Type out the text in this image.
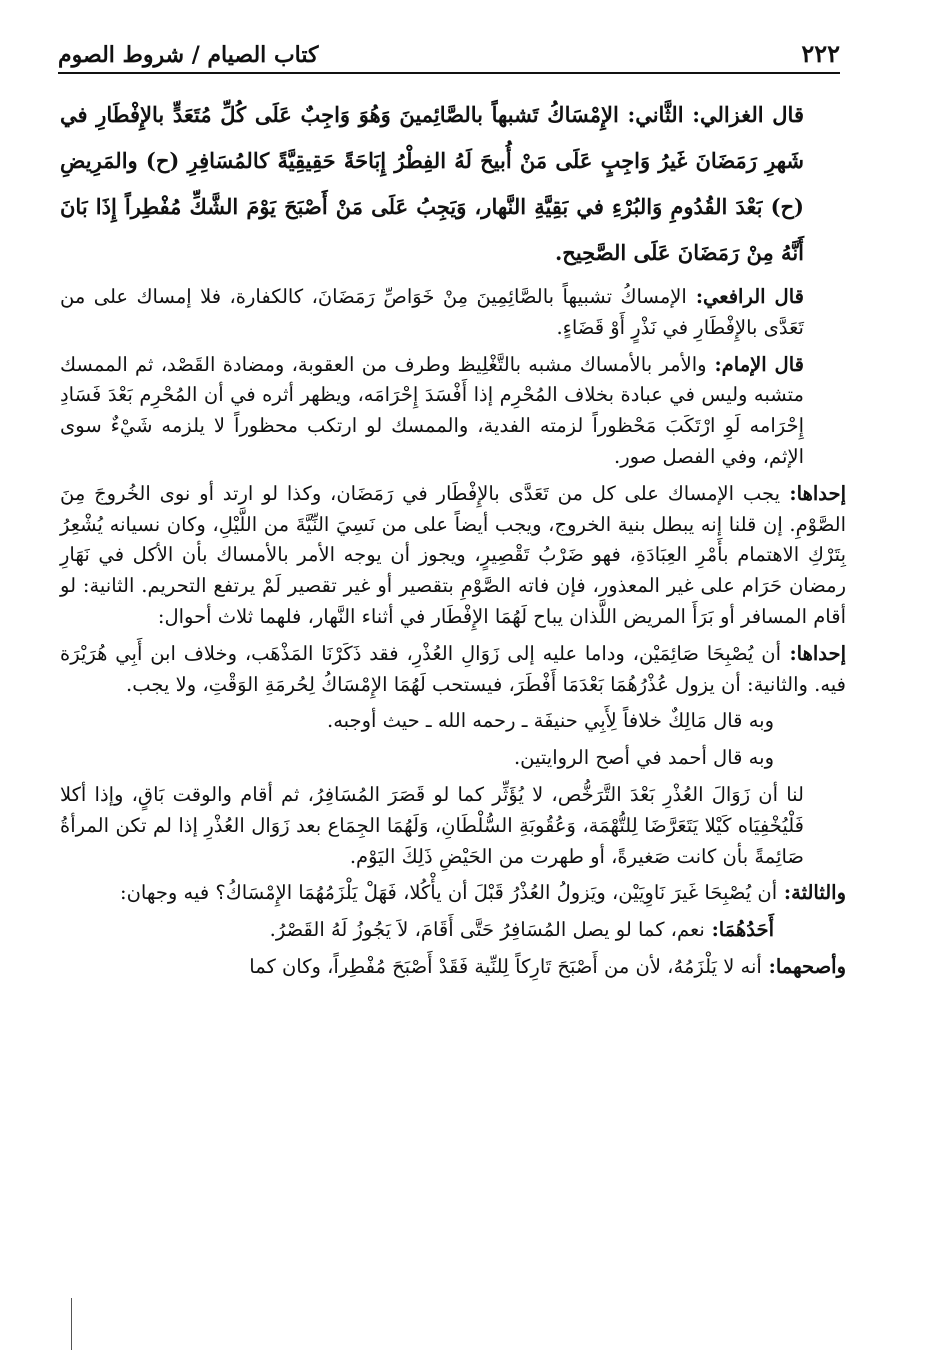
٢٢٢
كتاب الصيام / شروط الصوم

قال الغزالي: الثَّاني: الإِمْسَاكُ تَشبهاً بالصَّائِمينَ وَهُوَ وَاجِبٌ عَلَى كُلِّ مُتَعَدٍّ بالإِفْطَارِ في شَهرِ رَمَضَانَ غَيرُ وَاجِبٍ عَلَى مَنْ أُبيحَ لَهُ الفِطْرُ إِبَاحَةً حَقِيقِيَّةً كالمُسَافِرِ (ح) والمَرِيضِ (ح) بَعْدَ القُدُومِ وَالبُرْءِ في بَقِيَّةِ النَّهار، وَيَجِبُ عَلَى مَنْ أَصْبَحَ يَوْمَ الشَّكِّ مُفْطِراً إِذَا بَانَ أَنَّهُ مِنْ رَمَضَانَ عَلَى الصَّحِيح.

قال الرافعي: الإمساكُ تشبيهاً بالصَّائِمِينَ مِنْ خَوَاصِّ رَمَضَانَ، كالكفارة، فلا إمساك على من تَعَدَّى بالإِفْطَارِ في نَذْرٍ أَوْ قَضَاءٍ.

قال الإمام: والأمر بالأمساك مشبه بالتَّغْلِيظ وطرف من العقوبة، ومضادة القَصْد، ثم الممسك متشبه وليس في عبادة بخلاف المُحْرِم إذا أَفْسَدَ إِحْرَامَه، ويظهر أثره في أن المُحْرِم بَعْدَ فَسَادِ إِحْرَامه لَوِ ارْتَكَبَ مَحْظوراً لزمته الفدية، والممسك لو ارتكب محظوراً لا يلزمه شَيْءٌ سوى الإثم، وفي الفصل صور.

إحداها: يجب الإمساك على كل من تَعَدَّى بالإِفْطَار في رَمَضَان، وكذا لو ارتد أو نوى الخُروجَ مِنَ الصَّوْمِ. إن قلنا إنه يبطل بنية الخروج، ويجب أيضاً على من نَسِيَ النِّيَّةَ من اللَّيْلِ، وكان نسيانه يُشْعِرُ بِتَرْكِ الاهتمام بأَمْرِ العِبَادَةِ، فهو ضَرْبُ تَقْصِيرٍ، ويجوز أن يوجه الأمر بالأمساك بأن الأكل في نَهَارِ رمضان حَرَام على غير المعذور، فإن فاته الصَّوْمِ بتقصير أو غير تقصير لَمْ يرتفع التحريم. الثانية: لو أقام المسافر أو بَرَأَ المريض اللَّذان يباح لَهُمَا الإِفْطَار في أثناء النَّهار، فلهما ثلاث أحوال:

إحداها: أن يُصْبِحَا صَائِمَيْن، وداما عليه إلى زَوَالِ العُذْرِ، فقد ذَكَرْنَا المَذْهَب، وخلاف ابن أَبِي هُرَيْرَة فيه. والثانية: أن يزول عُذْرُهُمَا بَعْدَمَا أَفْطَرَ، فيستحب لَهُمَا الإِمْسَاكُ لِحُرمَةِ الوَقْتِ، ولا يجب.

وبه قال مَالِكٌ خلافاً لِأَبِي حنيفَة ـ رحمه الله ـ حيث أوجبه.

وبه قال أحمد في أصح الروايتين.

لنا أن زَوَالَ العُذْرِ بَعْدَ التَّرَخُّص، لا يُؤَثِّر كما لو قَصَرَ المُسَافِرُ، ثم أقام والوقت بَاقٍ، وإذا أكلا فَلْيُخْفِيَاه كَيْلا يَتَعَرَّضَا لِلتُّهْمَة، وَعُقُوبَةِ السُّلْطَانِ، وَلَهُمَا الجِمَاع بعد زَوَال العُذْرِ إذا لم تكن المرأةُ صَائِمةً بأن كانت صَغيرةً، أو طهرت من الحَيْضِ ذَلِكَ اليَوْم.

والثالثة: أن يُصْبِحَا غَيرَ نَاوِيَيْن، ويَزولُ العُذْرُ قَبْلَ أن يأْكُلا، فَهَلْ يَلْزَمُهُمَا الإِمْسَاكُ؟ فيه وجهان:

أَحَدُهُمَا: نعم، كما لو يصل المُسَافِرُ حَتَّى أَقَامَ، لاَ يَجُوزُ لَهُ القَصْرُ.

وأصحهما: أنه لا يَلْزَمُهُ، لأن من أَصْبَحَ تَارِكاً لِلنِّية فَقَدْ أَصْبَحَ مُفْطِراً، وكان كما
